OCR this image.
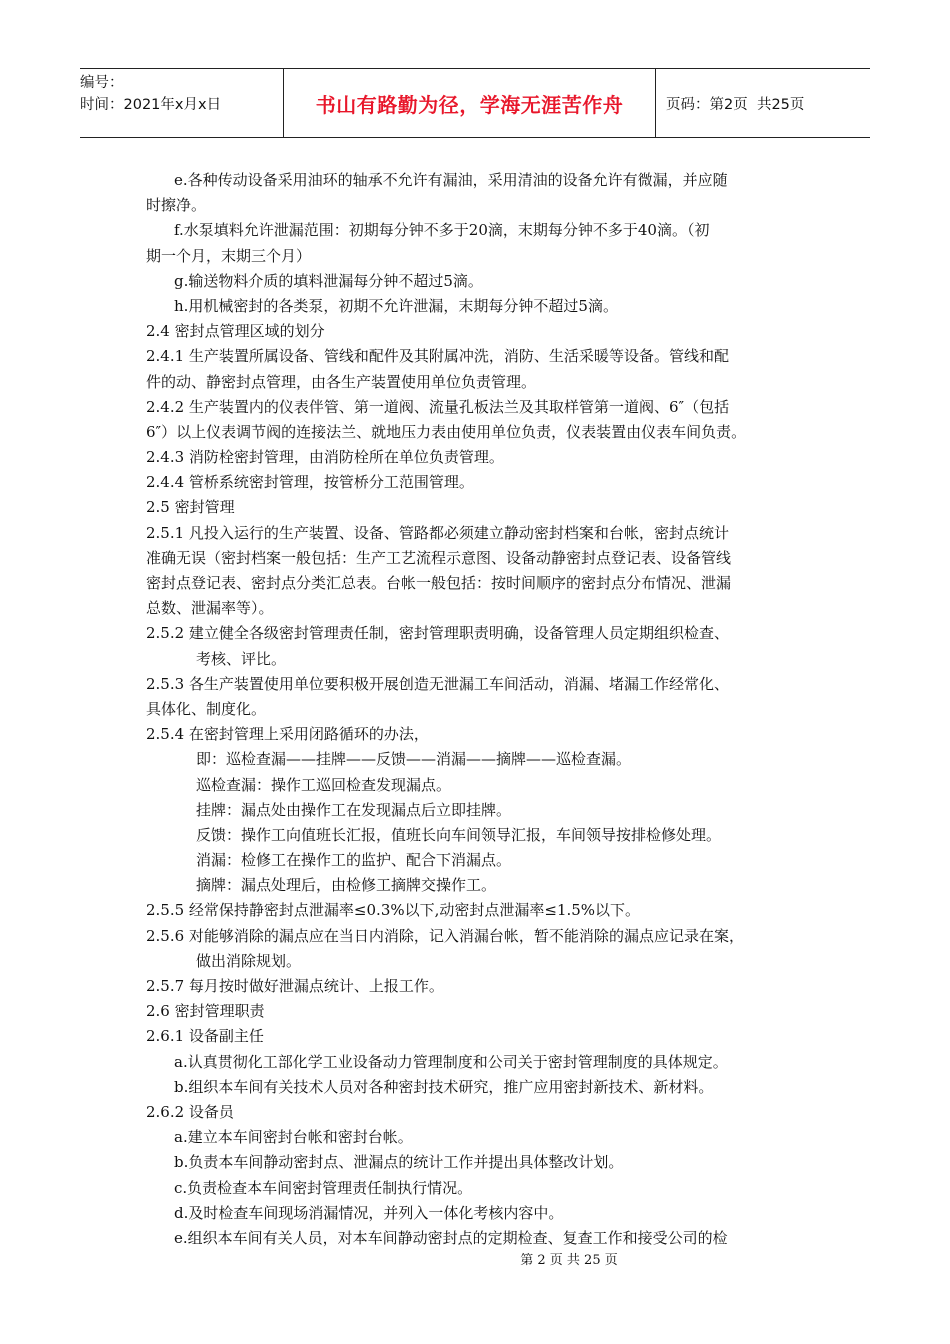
编号：
时间：2021年x月x日	书山有路勤为径，学海无涯苦作舟	页码：第2页  共25页
e.各种传动设备采用油环的轴承不允许有漏油，采用清油的设备允许有微漏，并应随
时擦净。
f.水泵填料允许泄漏范围：初期每分钟不多于20滴，末期每分钟不多于40滴。（初
期一个月，末期三个月）
g.输送物料介质的填料泄漏每分钟不超过5滴。
h.用机械密封的各类泵，初期不允许泄漏，末期每分钟不超过5滴。
2.4 密封点管理区域的划分
2.4.1 生产装置所属设备、管线和配件及其附属冲洗，消防、生活采暖等设备。管线和配
件的动、静密封点管理，由各生产装置使用单位负责管理。
2.4.2 生产装置内的仪表伴管、第一道阀、流量孔板法兰及其取样管第一道阀、6″（包括
6″）以上仪表调节阀的连接法兰、就地压力表由使用单位负责，仪表装置由仪表车间负责。
2.4.3 消防栓密封管理，由消防栓所在单位负责管理。
2.4.4 管桥系统密封管理，按管桥分工范围管理。
2.5 密封管理
2.5.1 凡投入运行的生产装置、设备、管路都必须建立静动密封档案和台帐，密封点统计
准确无误（密封档案一般包括：生产工艺流程示意图、设备动静密封点登记表、设备管线
密封点登记表、密封点分类汇总表。台帐一般包括：按时间顺序的密封点分布情况、泄漏
总数、泄漏率等）。
2.5.2 建立健全各级密封管理责任制，密封管理职责明确，设备管理人员定期组织检查、
考核、评比。
2.5.3 各生产装置使用单位要积极开展创造无泄漏工车间活动，消漏、堵漏工作经常化、
具体化、制度化。
2.5.4 在密封管理上采用闭路循环的办法，
即：巡检查漏——挂牌——反馈——消漏——摘牌——巡检查漏。
巡检查漏：操作工巡回检查发现漏点。
挂牌：漏点处由操作工在发现漏点后立即挂牌。
反馈：操作工向值班长汇报，值班长向车间领导汇报，车间领导按排检修处理。
消漏：检修工在操作工的监护、配合下消漏点。
摘牌：漏点处理后，由检修工摘牌交操作工。
2.5.5 经常保持静密封点泄漏率≤0.3%以下,动密封点泄漏率≤1.5%以下。
2.5.6 对能够消除的漏点应在当日内消除，记入消漏台帐，暂不能消除的漏点应记录在案，
做出消除规划。
2.5.7 每月按时做好泄漏点统计、上报工作。
2.6 密封管理职责
2.6.1 设备副主任
a.认真贯彻化工部化学工业设备动力管理制度和公司关于密封管理制度的具体规定。
b.组织本车间有关技术人员对各种密封技术研究，推广应用密封新技术、新材料。
2.6.2 设备员
a.建立本车间密封台帐和密封台帐。
b.负责本车间静动密封点、泄漏点的统计工作并提出具体整改计划。
c.负责检查本车间密封管理责任制执行情况。
d.及时检查车间现场消漏情况，并列入一体化考核内容中。
e.组织本车间有关人员，对本车间静动密封点的定期检查、复查工作和接受公司的检
第 2 页 共 25 页
